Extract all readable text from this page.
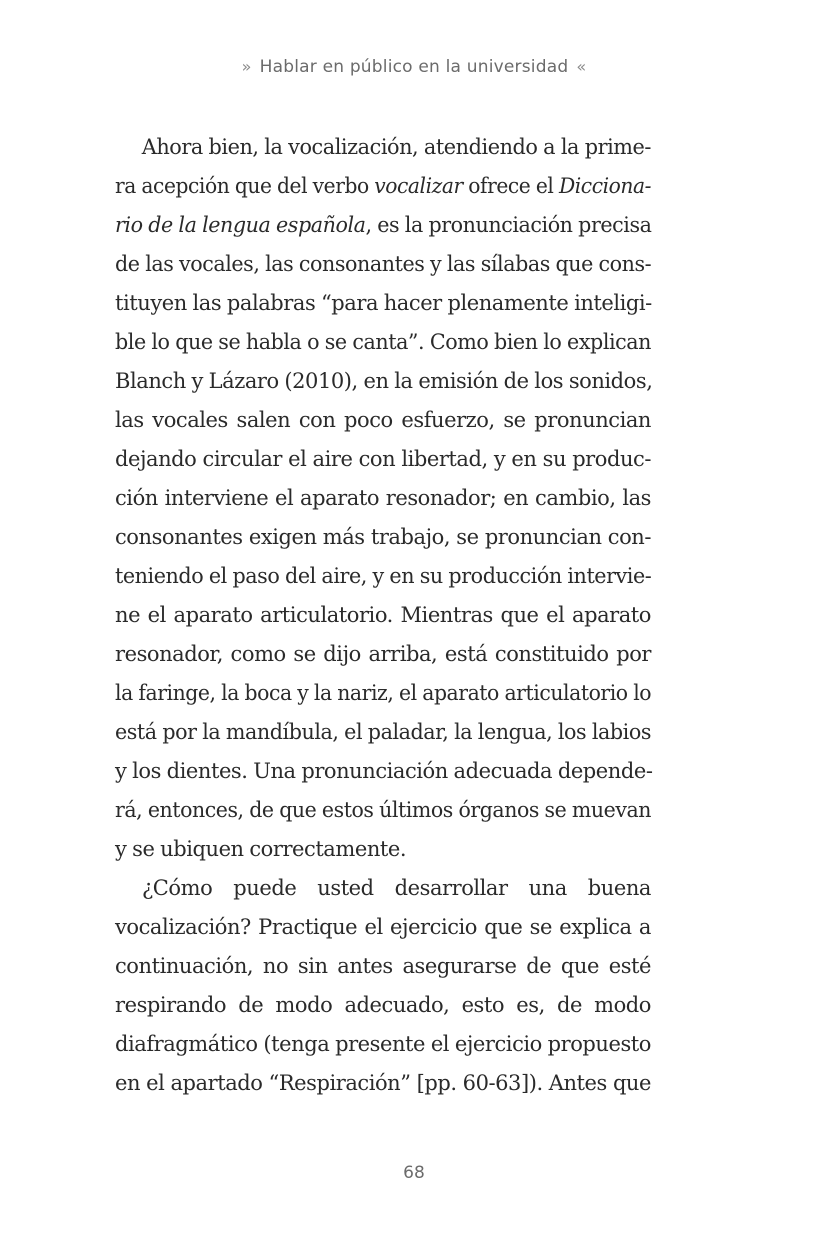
» Hablar en público en la universidad «
Ahora bien, la vocalización, atendiendo a la prime-
ra acepción que del verbo vocalizar ofrece el Dicciona-
rio de la lengua española, es la pronunciación precisa
de las vocales, las consonantes y las sílabas que cons-
tituyen las palabras “para hacer plenamente inteligi-
ble lo que se habla o se canta”. Como bien lo explican
Blanch y Lázaro (2010), en la emisión de los sonidos,
las vocales salen con poco esfuerzo, se pronuncian
dejando circular el aire con libertad, y en su produc-
ción interviene el aparato resonador; en cambio, las
consonantes exigen más trabajo, se pronuncian con-
teniendo el paso del aire, y en su producción intervie-
ne el aparato articulatorio. Mientras que el aparato
resonador, como se dijo arriba, está constituido por
la faringe, la boca y la nariz, el aparato articulatorio lo
está por la mandíbula, el paladar, la lengua, los labios
y los dientes. Una pronunciación adecuada depende-
rá, entonces, de que estos últimos órganos se muevan
y se ubiquen correctamente.
¿Cómo puede usted desarrollar una buena
vocalización? Practique el ejercicio que se explica a
continuación, no sin antes asegurarse de que esté
respirando de modo adecuado, esto es, de modo
diafragmático (tenga presente el ejercicio propuesto
en el apartado “Respiración” [pp. 60-63]). Antes que
68
